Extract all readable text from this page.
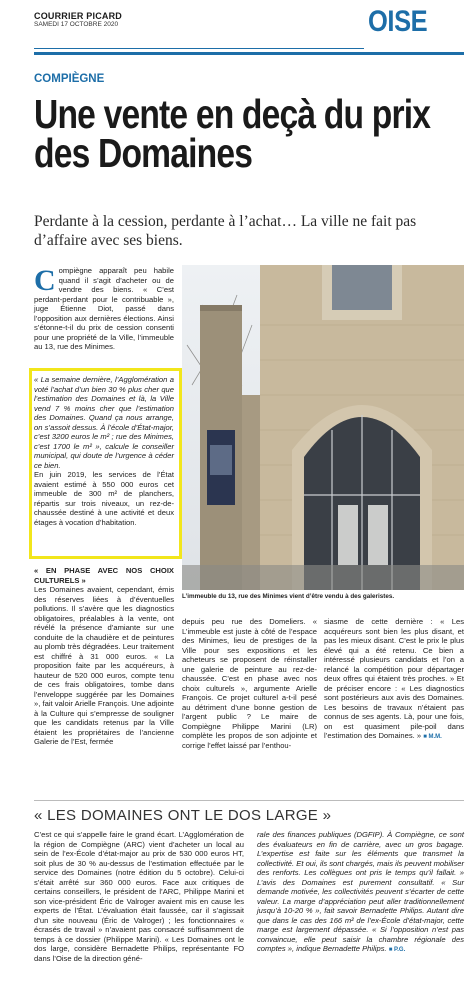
COURRIER PICARD
SAMEDI 17 OCTOBRE 2020	OISE
COMPIÈGNE
Une vente en deçà du prix des Domaines
Perdante à la cession, perdante à l’achat… La ville ne fait pas d’affaire avec ses biens.
C ompiègne apparaît peu habile quand il s’agit d’acheter ou de vendre des biens. « C’est perdant-perdant pour le contribuable », juge Étienne Diot, passé dans l’opposition aux dernières élections. Ainsi s’étonne-t-il du prix de cession consenti pour une propriété de la Ville, l’immeuble au 13, rue des Minimes.

« La semaine dernière, l’Agglomération a voté l’achat d’un bien 30 % plus cher que l’estimation des Domaines et là, la Ville vend 7 % moins cher que l’estimation des Domaines. Quand ça nous arrange, on s’assoit dessus. À l’école d’État-major, c’est 3200 euros le m² ; rue des Minimes, c’est 1700 le m² », calcule le conseiller municipal, qui doute de l’urgence à céder ce bien.
En juin 2019, les services de l’État avaient estimé à 550 000 euros cet immeuble de 300 m² de planchers, répartis sur trois niveaux, un rez-de-chaussée destiné à une activité et deux étages à vocation d’habitation.
« EN PHASE AVEC NOS CHOIX CULTURELS »
Les Domaines avaient, cependant, émis des réserves liées à d’éventuelles pollutions. Il s’avère que les diagnostics obligatoires, préalables à la vente, ont révélé la présence d’amiante sur une conduite de la chaudière et de peintures au plomb très dégradées. Leur traitement est chiffré à 31 000 euros. « La proposition faite par les acquéreurs, à hauteur de 520 000 euros, compte tenu de ces frais obligatoires, tombe dans l’enveloppe suggérée par les Domaines », fait valoir Arielle François. Une adjointe à la Culture qui s’empresse de souligner que les candidats retenus par la Ville étaient les propriétaires de l’ancienne Galerie de l’Est, fermée
L’immeuble du 13, rue des Minimes vient d’être vendu à des galeristes.
depuis peu rue des Domeliers. « L’immeuble est juste à côté de l’espace des Minimes, lieu de prestiges de la Ville pour ses expositions et les acheteurs se proposent de réinstaller une galerie de peinture au rez-de-chaussée. C’est en phase avec nos choix culturels », argumente Arielle François. Ce projet culturel a-t-il pesé au détriment d’une bonne gestion de l’argent public ? Le maire de Compiègne Philippe Marini (LR) complète les propos de son adjointe et corrige l’effet laissé par l’enthou-
siasme de cette dernière : « Les acquéreurs sont bien les plus disant, et pas les mieux disant. C’est le prix le plus élevé qui a été retenu. Ce bien a intéressé plusieurs candidats et l’on a relancé la compétition pour départager deux offres qui étaient très proches. » Et de préciser encore : « Les diagnostics sont postérieurs aux avis des Domaines. Les besoins de travaux n’étaient pas connus de ses agents. Là, pour une fois, on est quasiment pile-poil dans l’estimation des Domaines. » ■ M.M.
« LES DOMAINES ONT LE DOS LARGE »
C’est ce qui s’appelle faire le grand écart. L’Agglomération de la région de Compiègne (ARC) vient d’acheter un local au sein de l’ex-École d’état-major au prix de 530 000 euros HT, soit plus de 30 % au-dessus de l’estimation effectuée par le service des Domaines (notre édition du 5 octobre). Celui-ci s’était arrêté sur 360 000 euros. Face aux critiques de certains conseillers, le président de l’ARC, Philippe Marini et son vice-président Éric de Valroger avaient mis en cause les experts de l’État. L’évaluation était faussée, car il s’agissait d’un site nouveau (Éric de Valroger) ; les fonctionnaires « écrasés de travail » n’avaient pas consacré suffisamment de temps à ce dossier (Philippe Marini). « Les Domaines ont le dos large, considère Bernadette Philips, représentante FO dans l’Oise de la direction géné-
rale des finances publiques (DGFIP). À Compiègne, ce sont des évaluateurs en fin de carrière, avec un gros bagage. L’expertise est faite sur les éléments que transmet la collectivité. Et oui, ils sont chargés, mais ils peuvent mobiliser des renforts. Les collègues ont pris le temps qu’il fallait. » L’avis des Domaines est purement consultatif. « Sur demande motivée, les collectivités peuvent s’écarter de cette valeur. La marge d’appréciation peut aller traditionnellement jusqu’à 10-20 % », fait savoir Bernadette Philips. Autant dire que dans le cas des 166 m² de l’ex-École d’état-major, cette marge est largement dépassée. « Si l’opposition n’est pas convaincue, elle peut saisir la chambre régionale des comptes », indique Bernadette Philips. ■ P.G.
